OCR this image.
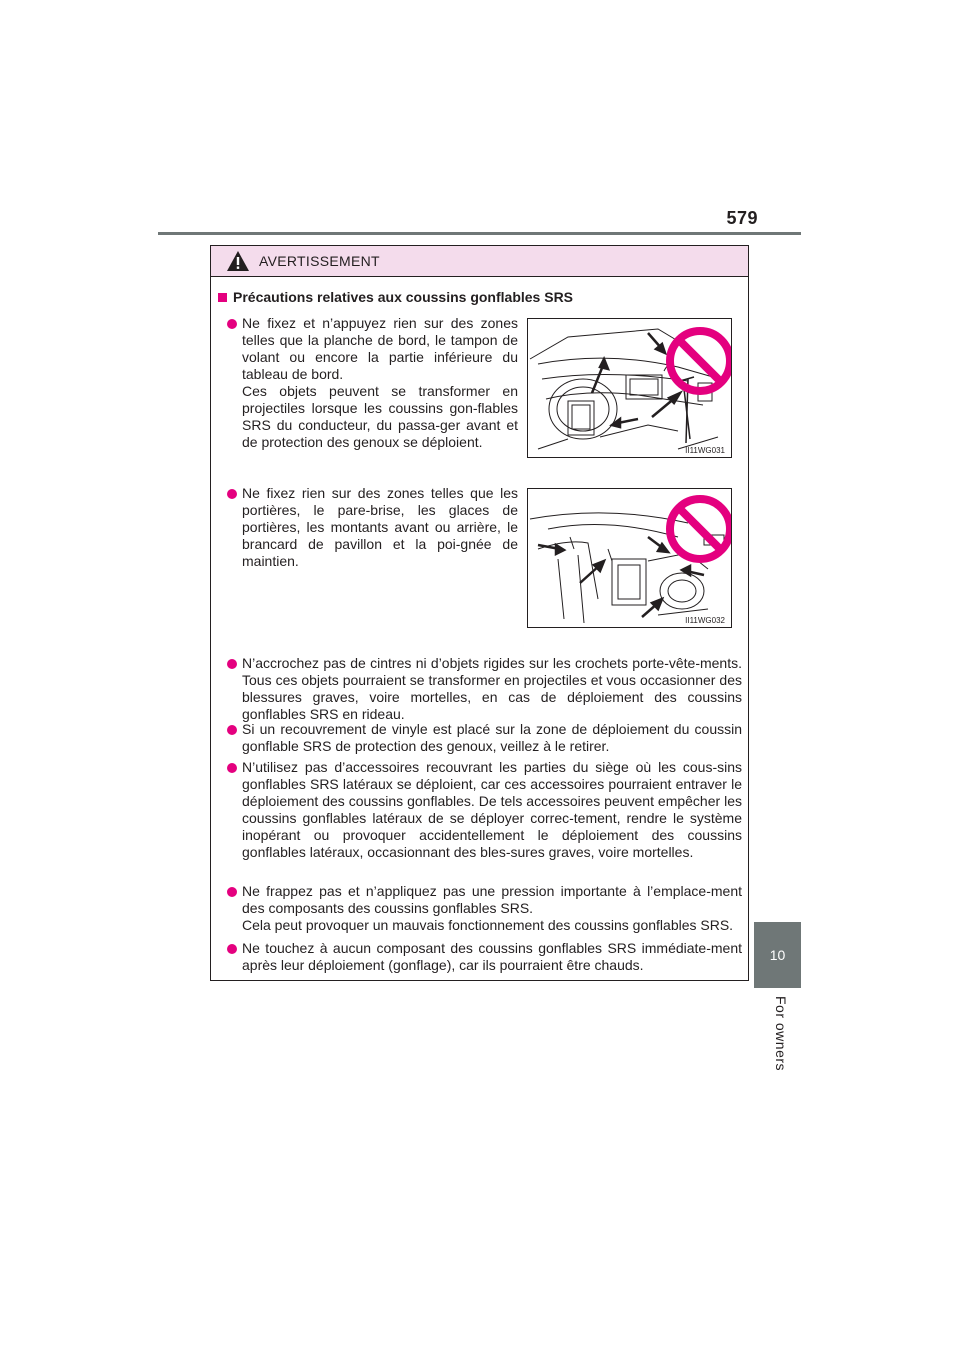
579
10
For owners
AVERTISSEMENT
Précautions relatives aux coussins gonflables SRS

Ne fixez et n’appuyez rien sur des zones telles que la planche de bord, le tampon de volant ou encore la partie inférieure du tableau de bord.

Ces objets peuvent se transformer en projectiles lorsque les coussins gon-flables SRS du conducteur, du passa-ger avant et de protection des genoux se déploient.

II11WG031

Ne fixez rien sur des zones telles que les portières, le pare-brise, les glaces de portières, les montants avant ou arrière, le brancard de pavillon et la poi-gnée de maintien.

II11WG032

N’accrochez pas de cintres ni d’objets rigides sur les crochets porte-vête-ments. Tous ces objets pourraient se transformer en projectiles et vous occasionner des blessures graves, voire mortelles, en cas de déploiement des coussins gonflables SRS en rideau.

Si un recouvrement de vinyle est placé sur la zone de déploiement du coussin gonflable SRS de protection des genoux, veillez à le retirer.

N’utilisez pas d’accessoires recouvrant les parties du siège où les cous-sins gonflables SRS latéraux se déploient, car ces accessoires pourraient entraver le déploiement des coussins gonflables. De tels accessoires peuvent empêcher les coussins gonflables latéraux de se déployer correc-tement, rendre le système inopérant ou provoquer accidentellement le déploiement des coussins gonflables latéraux, occasionnant des bles-sures graves, voire mortelles.

Ne frappez pas et n’appliquez pas une pression importante à l’emplace-ment des composants des coussins gonflables SRS.

Cela peut provoquer un mauvais fonctionnement des coussins gonflables SRS.

Ne touchez à aucun composant des coussins gonflables SRS immédiate-ment après leur déploiement (gonflage), car ils pourraient être chauds.
